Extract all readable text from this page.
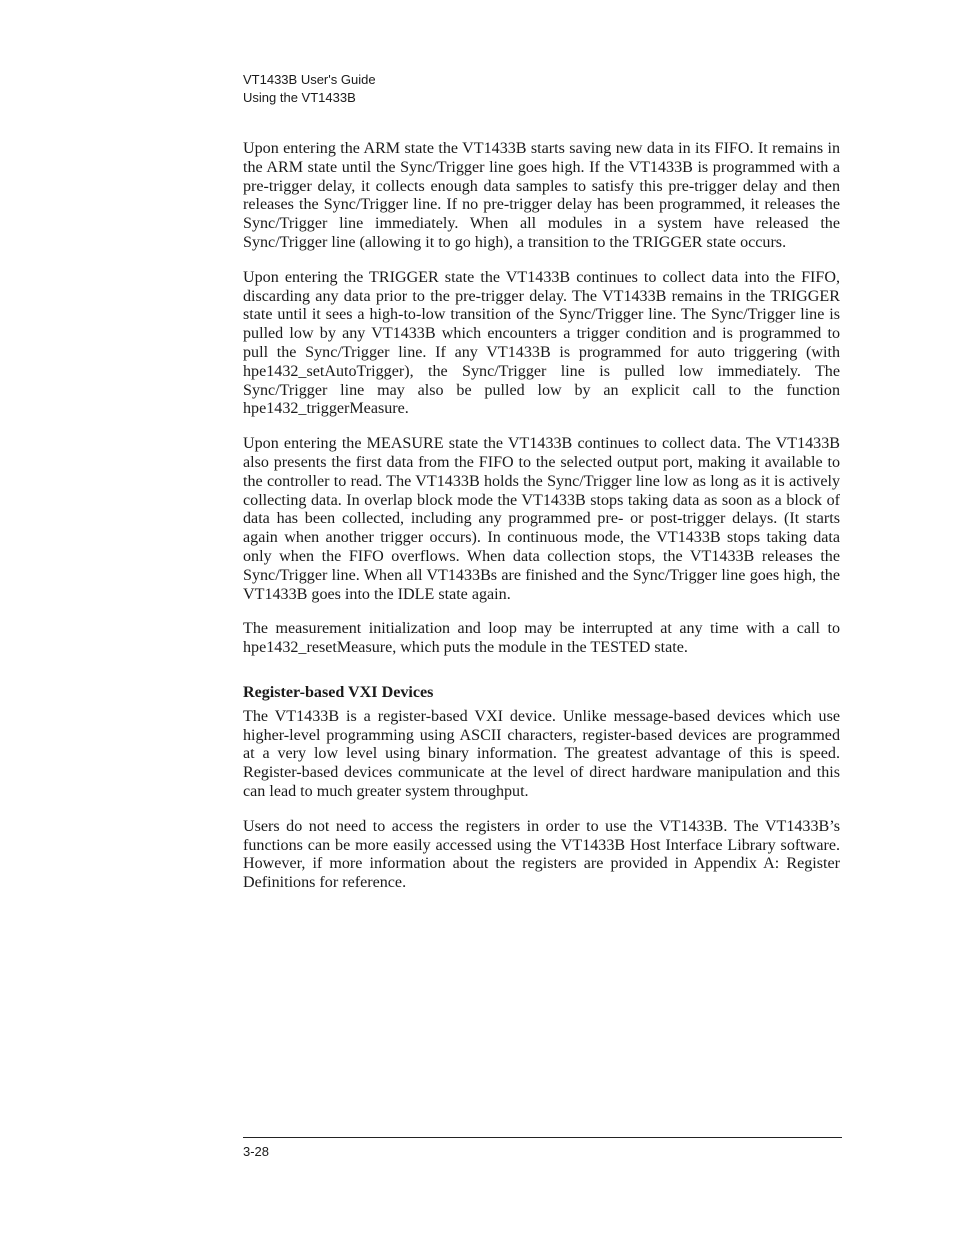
VT1433B User's Guide
Using the VT1433B

Upon entering the ARM state the VT1433B starts saving new data in its FIFO. It remains in the ARM state until the Sync/Trigger line goes high. If the VT1433B is programmed with a pre-trigger delay, it collects enough data samples to satisfy this pre-trigger delay and then releases the Sync/Trigger line. If no pre-trigger delay has been programmed, it releases the Sync/Trigger line immediately. When all modules in a system have released the Sync/Trigger line (allowing it to go high), a transition to the TRIGGER state occurs.

Upon entering the TRIGGER state the VT1433B continues to collect data into the FIFO, discarding any data prior to the pre-trigger delay. The VT1433B remains in the TRIGGER state until it sees a high-to-low transition of the Sync/Trigger line. The Sync/Trigger line is pulled low by any VT1433B which encounters a trigger condition and is programmed to pull the Sync/Trigger line. If any VT1433B is programmed for auto triggering (with hpe1432_setAutoTrigger), the Sync/Trigger line is pulled low immediately. The Sync/Trigger line may also be pulled low by an explicit call to the function hpe1432_triggerMeasure.

Upon entering the MEASURE state the VT1433B continues to collect data. The VT1433B also presents the first data from the FIFO to the selected output port, making it available to the controller to read. The VT1433B holds the Sync/Trigger line low as long as it is actively collecting data. In overlap block mode the VT1433B stops taking data as soon as a block of data has been collected, including any programmed pre- or post-trigger delays. (It starts again when another trigger occurs). In continuous mode, the VT1433B stops taking data only when the FIFO overflows. When data collection stops, the VT1433B releases the Sync/Trigger line. When all VT1433Bs are finished and the Sync/Trigger line goes high, the VT1433B goes into the IDLE state again.

The measurement initialization and loop may be interrupted at any time with a call to hpe1432_resetMeasure, which puts the module in the TESTED state.

Register-based VXI Devices

The VT1433B is a register-based VXI device. Unlike message-based devices which use higher-level programming using ASCII characters, register-based devices are programmed at a very low level using binary information. The greatest advantage of this is speed. Register-based devices communicate at the level of direct hardware manipulation and this can lead to much greater system throughput.

Users do not need to access the registers in order to use the VT1433B. The VT1433B’s functions can be more easily accessed using the VT1433B Host Interface Library software. However, if more information about the registers are provided in Appendix A: Register Definitions for reference.

3-28
